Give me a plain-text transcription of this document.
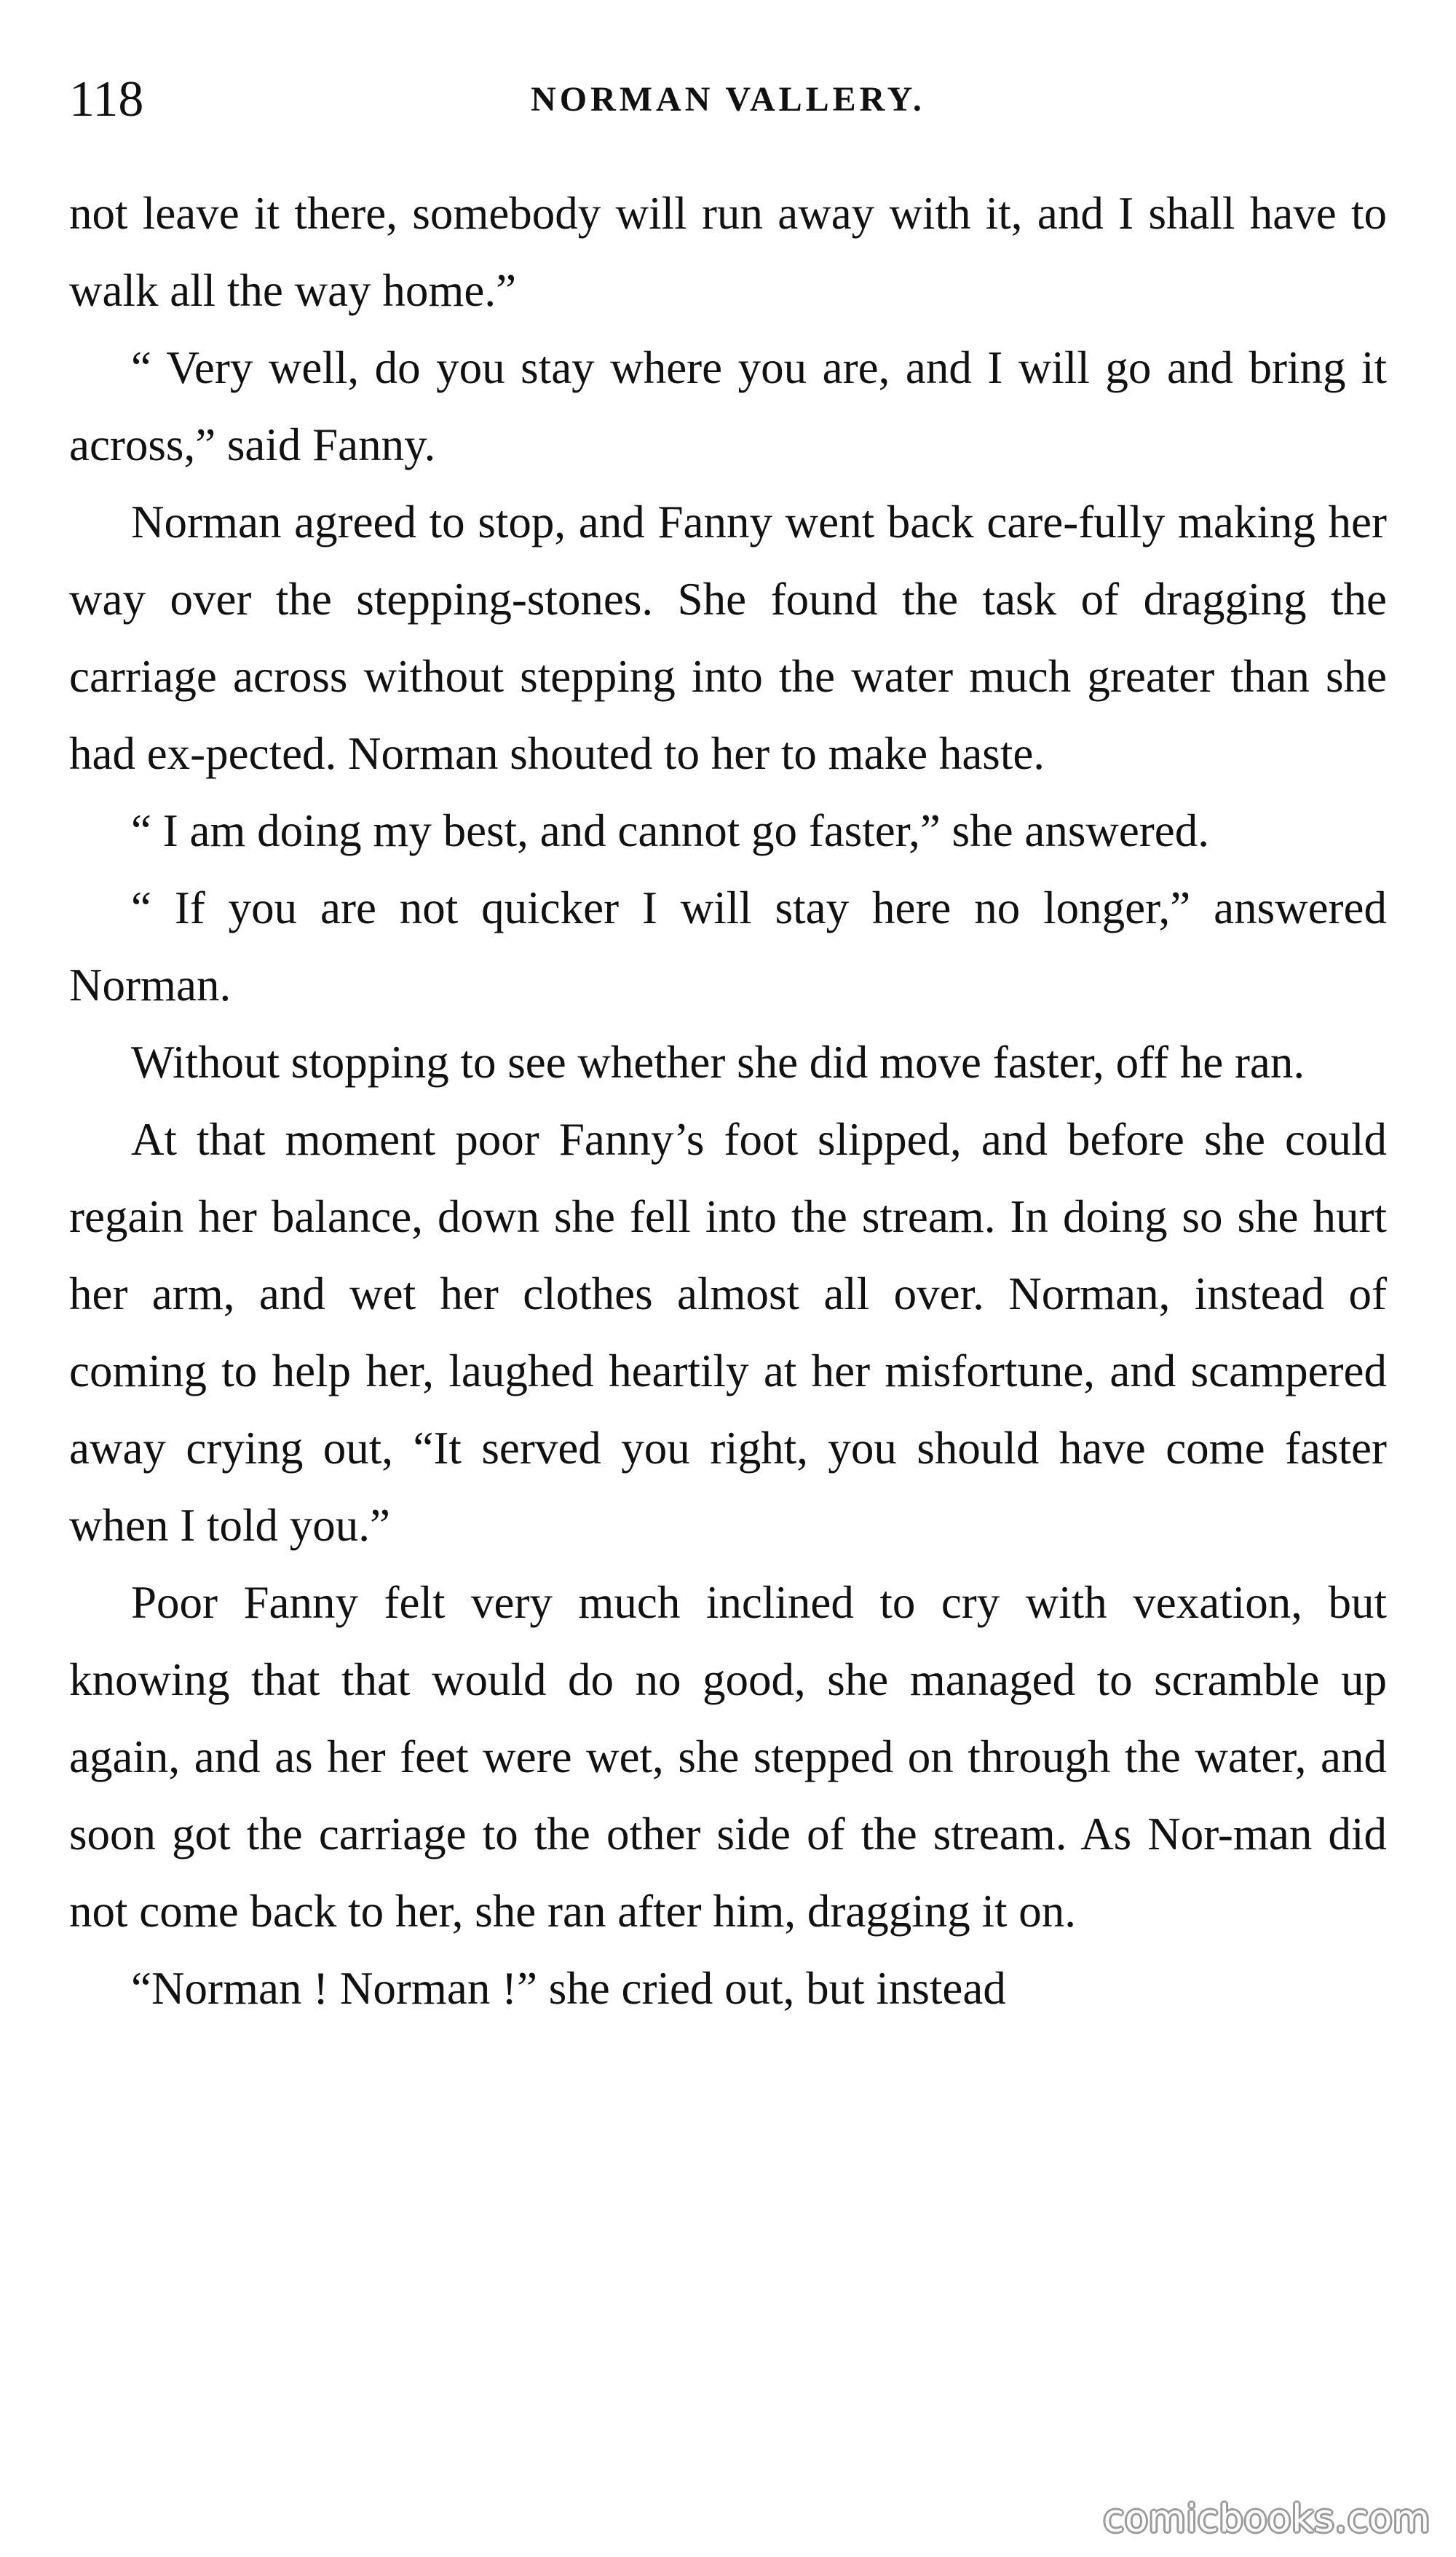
118	NORMAN VALLERY.

not leave it there, somebody will run away with it, and I shall have to walk all the way home.”

“ Very well, do you stay where you are, and I will go and bring it across,” said Fanny.

Norman agreed to stop, and Fanny went back care-fully making her way over the stepping-stones. She found the task of dragging the carriage across without stepping into the water much greater than she had ex-pected. Norman shouted to her to make haste.

“ I am doing my best, and cannot go faster,” she answered.

“ If you are not quicker I will stay here no longer,” answered Norman.

Without stopping to see whether she did move faster, off he ran.

At that moment poor Fanny’s foot slipped, and before she could regain her balance, down she fell into the stream. In doing so she hurt her arm, and wet her clothes almost all over. Norman, instead of coming to help her, laughed heartily at her misfortune, and scampered away crying out, “It served you right, you should have come faster when I told you.”

Poor Fanny felt very much inclined to cry with vexation, but knowing that that would do no good, she managed to scramble up again, and as her feet were wet, she stepped on through the water, and soon got the carriage to the other side of the stream. As Nor-man did not come back to her, she ran after him, dragging it on.

“Norman ! Norman !” she cried out, but instead

comicbooks.com
